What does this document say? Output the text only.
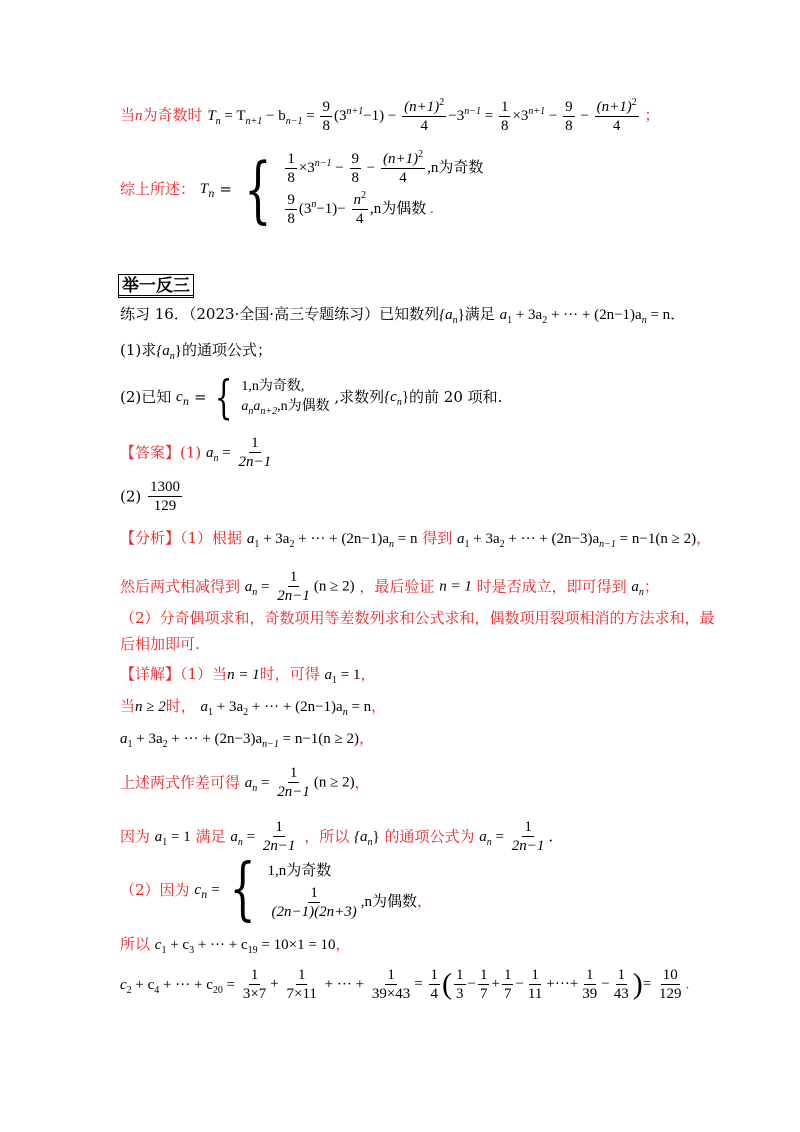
当n为奇数时 $T_n = T_{n+1} - b_{n-1} = \frac{9}{8} (3^{n+1}-1) - \frac{(n+1)^2}{4} -3^{n-1} = \frac{1}{8} \times 3^{n+1} - \frac{9}{8} - \frac{(n+1)^2}{4}$ ；
综上所述： $T_n$ = { $\frac{1}{8} \times 3^{n-1} - \frac{9}{8} - \frac{(n+1)^2}{4} ,n$为奇数
$\frac{9}{8} (3^n-1)- \frac{n^2}{4} ,n$为偶数 .
举一反三
练习 16．（2023·全国·高三专题练习）已知数列$\{a_n\}$满足 $a_1 + 3a_2$ + ··· + $(2n-1)a_n = n$．
(1)求$\{a_n\}$的通项公式；
(2)已知 $c_n$ = { 1,n为奇数,
$a_na_{n+2},n$为偶数
,求数列$\{c_n\}$的前 20 项和.
【答案】(1) $a_n = \frac{1}{2n-1}$
$(2) \frac{1300}{129}$
【分析】（1）根据 $a_1 + 3a_2$ + ··· + $(2n-1)a_n = n$ 得到 $a_1 + 3a_2$ + ··· + $(2n-3)a_{n-1} = n-1(n \ge 2)$，
然后两式相减得到 $a_n = \frac{1}{2n-1} (n \ge 2)$ ，最后验证 n = 1 时是否成立，即可得到 $a_n$；
（2）分奇偶项求和，奇数项用等差数列求和公式求和，偶数项用裂项相消的方法求和，最
后相加即可.
【详解】（1）当n = 1时，可得 $a_1 = 1$，
当n ≥ 2时， $a_1 + 3a_2$ + ··· + $(2n-1)a_n = n$，
$a_1 + 3a_2$ + ··· + $(2n-3)a_{n-1} = n-1(n \ge 2)$，
上述两式作差可得 $a_n = \frac{1}{2n-1} (n \ge 2)$，
因为 $a_1 = 1$ 满足 $a_n = \frac{1}{2n-1}$ ，所以 $\{a_n\}$ 的通项公式为 $a_n = \frac{1}{2n-1}$ .
（2）因为 $c_n$ = { 1,n为奇数
$\frac{1}{(2n-1)(2n+3)} ,n$为偶数，
所以 $c_1 + c_3$ + ··· + $c_{19} = 10\times 1 = 10$，
$c_2 + c_4$ + ··· + $c_{20} = \frac{1}{3\times 7} + \frac{1}{7\times 11}$ + ··· + $\frac{1}{39\times 43} = \frac{1}{4}$ ( $\frac{1}{3} - \frac{1}{7} + \frac{1}{7} - \frac{1}{11}$ +···+ $\frac{1}{39} - \frac{1}{43}$ )= $\frac{10}{129}$ .
